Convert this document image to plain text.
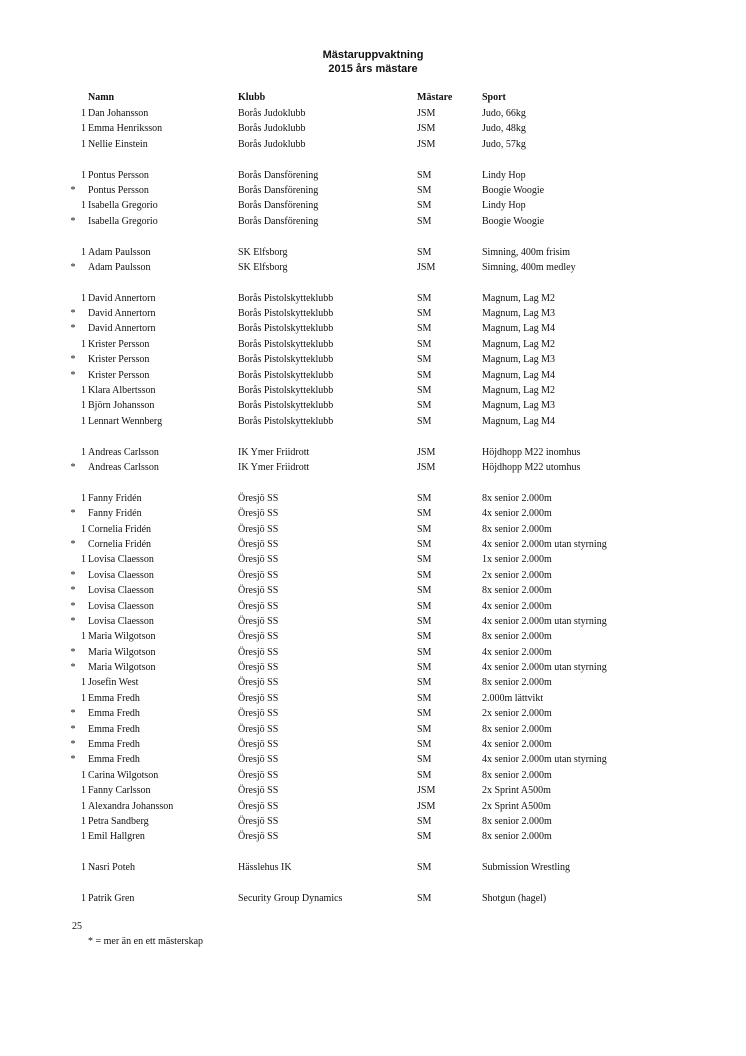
Mästaruppvaktning
2015 års mästare
Namn	Klubb	Mästare	Sport
1 Dan Johansson	Borås Judoklubb	JSM	Judo, 66kg
1 Emma Henriksson	Borås Judoklubb	JSM	Judo, 48kg
1 Nellie Einstein	Borås Judoklubb	JSM	Judo, 57kg
1 Pontus Persson	Borås Dansförening	SM	Lindy Hop
*	Pontus Persson	Borås Dansförening	SM	Boogie Woogie
1 Isabella Gregorio	Borås Dansförening	SM	Lindy Hop
*	Isabella Gregorio	Borås Dansförening	SM	Boogie Woogie
1 Adam Paulsson	SK Elfsborg	SM	Simning, 400m frisim
*	Adam Paulsson	SK Elfsborg	JSM	Simning, 400m medley
1 David Annertorn	Borås Pistolskytteklubb	SM	Magnum, Lag M2
*	David Annertorn	Borås Pistolskytteklubb	SM	Magnum, Lag M3
*	David Annertorn	Borås Pistolskytteklubb	SM	Magnum, Lag M4
1 Krister Persson	Borås Pistolskytteklubb	SM	Magnum, Lag M2
*	Krister Persson	Borås Pistolskytteklubb	SM	Magnum, Lag M3
*	Krister Persson	Borås Pistolskytteklubb	SM	Magnum, Lag M4
1 Klara Albertsson	Borås Pistolskytteklubb	SM	Magnum, Lag M2
1 Björn Johansson	Borås Pistolskytteklubb	SM	Magnum, Lag M3
1 Lennart Wennberg	Borås Pistolskytteklubb	SM	Magnum, Lag M4
1 Andreas Carlsson	IK Ymer Friidrott	JSM	Höjdhopp M22 inomhus
*	Andreas Carlsson	IK Ymer Friidrott	JSM	Höjdhopp M22 utomhus
1 Fanny Fridén	Öresjö SS	SM	8x senior 2.000m
*	Fanny Fridén	Öresjö SS	SM	4x senior 2.000m
1 Cornelia Fridén	Öresjö SS	SM	8x senior 2.000m
*	Cornelia Fridén	Öresjö SS	SM	4x senior 2.000m utan styrning
1 Lovisa Claesson	Öresjö SS	SM	1x senior 2.000m
*	Lovisa Claesson	Öresjö SS	SM	2x senior 2.000m
*	Lovisa Claesson	Öresjö SS	SM	8x senior 2.000m
*	Lovisa Claesson	Öresjö SS	SM	4x senior 2.000m
*	Lovisa Claesson	Öresjö SS	SM	4x senior 2.000m utan styrning
1 Maria Wilgotson	Öresjö SS	SM	8x senior 2.000m
*	Maria Wilgotson	Öresjö SS	SM	4x senior 2.000m
*	Maria Wilgotson	Öresjö SS	SM	4x senior 2.000m utan styrning
1 Josefin West	Öresjö SS	SM	8x senior 2.000m
1 Emma Fredh	Öresjö SS	SM	2.000m lättvikt
*	Emma Fredh	Öresjö SS	SM	2x senior 2.000m
*	Emma Fredh	Öresjö SS	SM	8x senior 2.000m
*	Emma Fredh	Öresjö SS	SM	4x senior 2.000m
*	Emma Fredh	Öresjö SS	SM	4x senior 2.000m utan styrning
1 Carina Wilgotson	Öresjö SS	SM	8x senior 2.000m
1 Fanny Carlsson	Öresjö SS	JSM	2x Sprint A500m
1 Alexandra Johansson	Öresjö SS	JSM	2x Sprint A500m
1 Petra Sandberg	Öresjö SS	SM	8x senior 2.000m
1 Emil Hallgren	Öresjö SS	SM	8x senior 2.000m
1 Nasri Poteh	Hässlehus IK	SM	Submission Wrestling
1 Patrik Gren	Security Group Dynamics	SM	Shotgun (hagel)
25
* = mer än en ett mästerskap
